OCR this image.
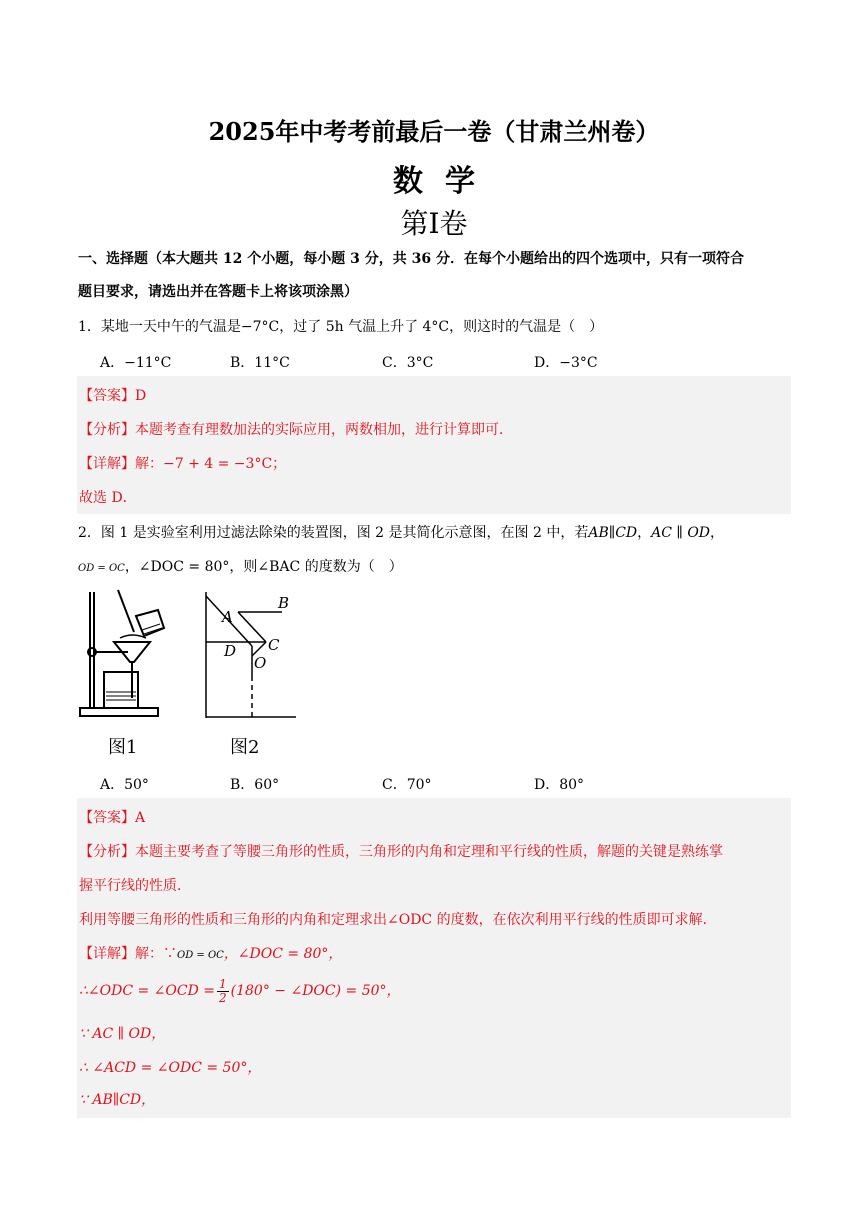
2025年中考考前最后一卷（甘肃兰州卷）
数学
第I卷
一、选择题（本大题共 12 个小题，每小题 3 分，共 36 分．在每个小题给出的四个选项中，只有一项符合
题目要求，请选出并在答题卡上将该项涂黑）
1．某地一天中午的气温是−7°C，过了 5h 气温上升了 4°C，则这时的气温是（　）
A．−11°C	B．11°C	C．3°C	D．−3°C
【答案】D
【分析】本题考查有理数加法的实际应用，两数相加，进行计算即可．
【详解】解：−7 + 4 = −3°C；
故选 D．
2．图 1 是实验室利用过滤法除染的装置图，图 2 是其简化示意图，在图 2 中，若AB∥CD，AC ∥ OD，
OD = OC，∠DOC = 80°，则∠BAC 的度数为（　）
A
B
C
D
O
图1	图2
A．50°	B．60°	C．70°	D．80°
【答案】A
【分析】本题主要考查了等腰三角形的性质，三角形的内角和定理和平行线的性质，解题的关键是熟练掌
握平行线的性质．
利用等腰三角形的性质和三角形的内角和定理求出∠ODC 的度数，在依次利用平行线的性质即可求解．
【详解】解：∵OD = OC，∠DOC = 80°，
∴∠ODC = ∠OCD = $\frac{1}{2} (180^\circ$ − ∠DOC) = 50°，
∵ AC ∥ OD，
∴ ∠ACD = ∠ODC = 50°，
∵ AB∥CD，
